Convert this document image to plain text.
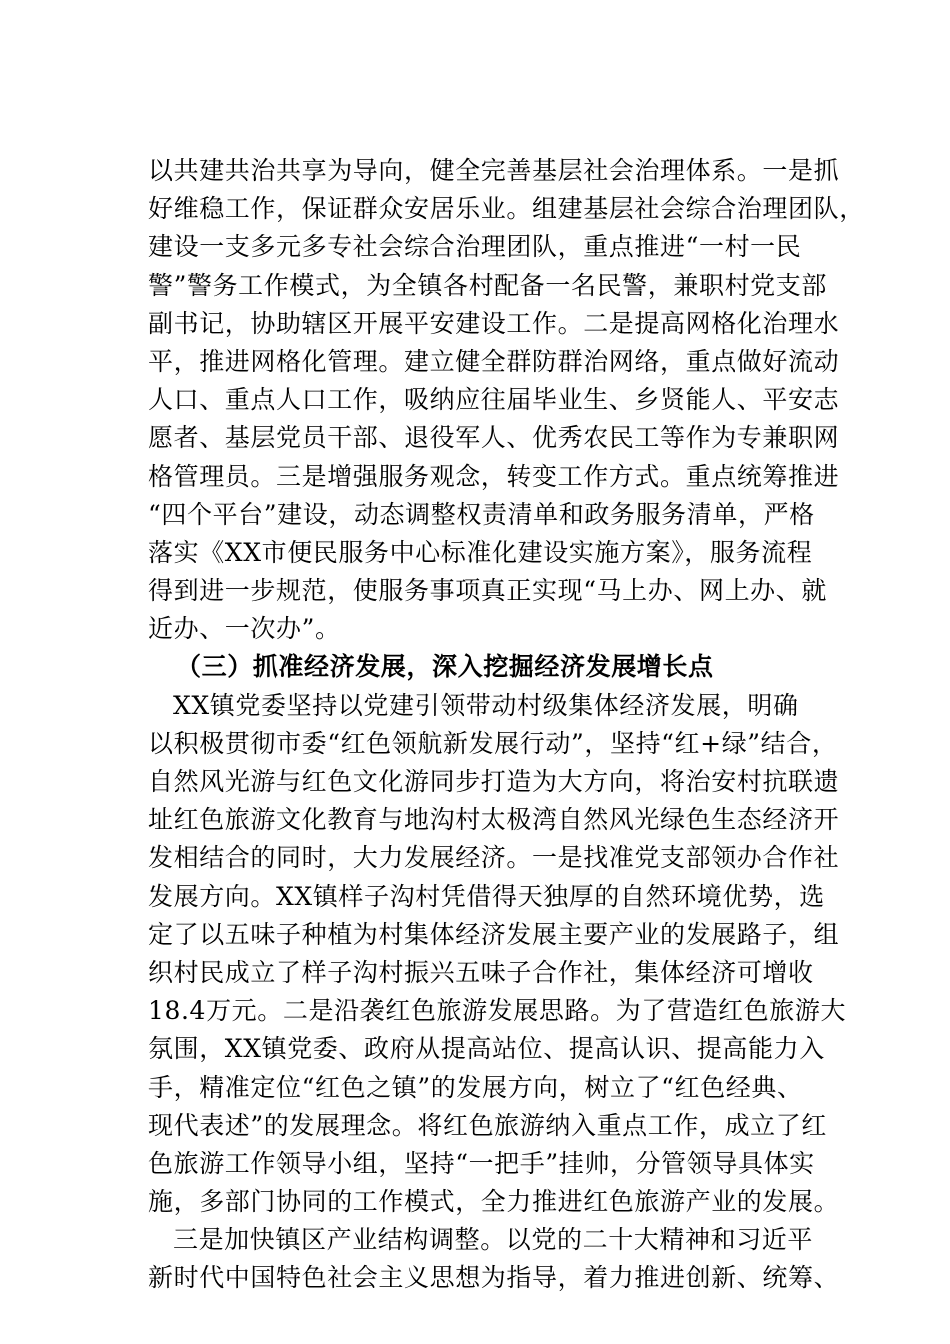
以共建共治共享为导向，健全完善基层社会治理体系。一是抓
好维稳工作，保证群众安居乐业。组建基层社会综合治理团队，
建设一支多元多专社会综合治理团队，重点推进“一村一民
警”警务工作模式，为全镇各村配备一名民警，兼职村党支部
副书记，协助辖区开展平安建设工作。二是提高网格化治理水
平，推进网格化管理。建立健全群防群治网络，重点做好流动
人口、重点人口工作，吸纳应往届毕业生、乡贤能人、平安志
愿者、基层党员干部、退役军人、优秀农民工等作为专兼职网
格管理员。三是增强服务观念，转变工作方式。重点统筹推进
“四个平台”建设，动态调整权责清单和政务服务清单，严格
落实《XX市便民服务中心标准化建设实施方案》，服务流程
得到进一步规范，使服务事项真正实现“马上办、网上办、就
近办、一次办”。
（三）抓准经济发展，深入挖掘经济发展增长点
XX镇党委坚持以党建引领带动村级集体经济发展，明确
以积极贯彻市委“红色领航新发展行动”，坚持“红+绿”结合，
自然风光游与红色文化游同步打造为大方向，将治安村抗联遗
址红色旅游文化教育与地沟村太极湾自然风光绿色生态经济开
发相结合的同时，大力发展经济。一是找准党支部领办合作社
发展方向。XX镇样子沟村凭借得天独厚的自然环境优势，选
定了以五味子种植为村集体经济发展主要产业的发展路子，组
织村民成立了样子沟村振兴五味子合作社，集体经济可增收
18.4万元。二是沿袭红色旅游发展思路。为了营造红色旅游大
氛围，XX镇党委、政府从提高站位、提高认识、提高能力入
手，精准定位“红色之镇”的发展方向，树立了“红色经典、
现代表述”的发展理念。将红色旅游纳入重点工作，成立了红
色旅游工作领导小组，坚持“一把手”挂帅，分管领导具体实
施，多部门协同的工作模式，全力推进红色旅游产业的发展。
三是加快镇区产业结构调整。以党的二十大精神和习近平
新时代中国特色社会主义思想为指导，着力推进创新、统筹、
